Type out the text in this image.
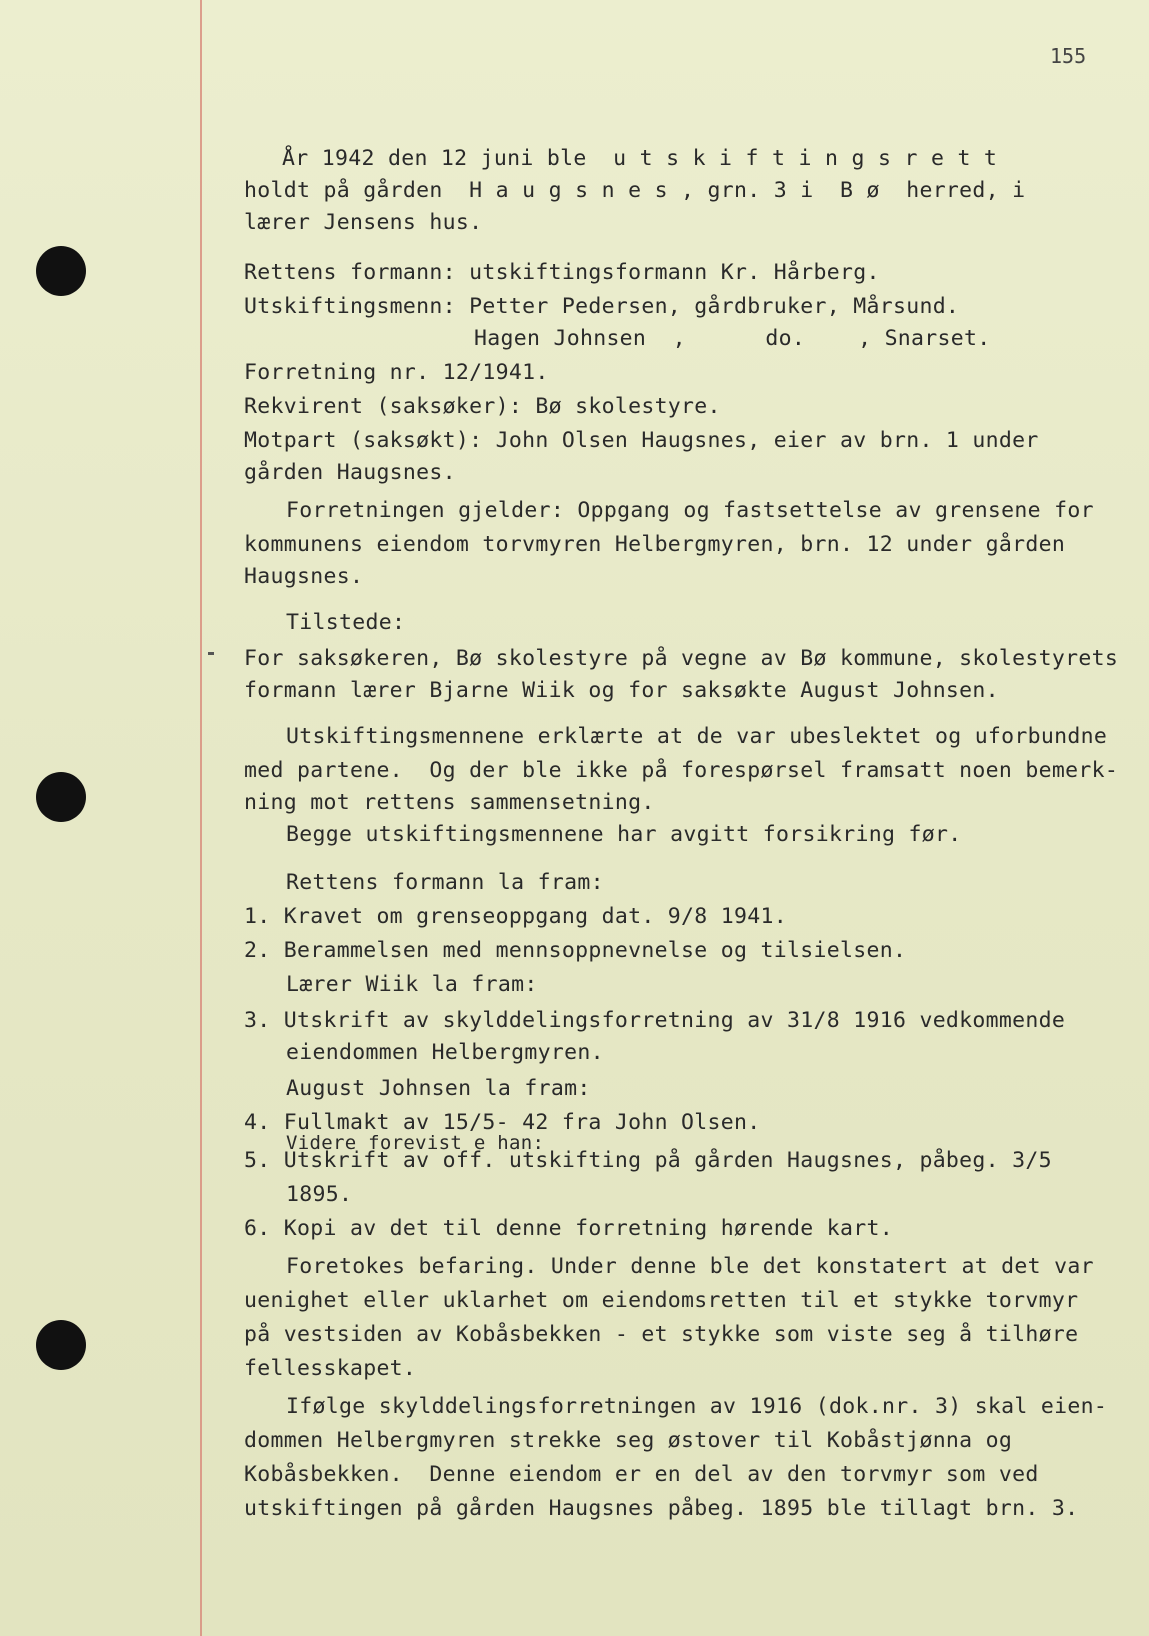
155
År 1942 den 12 juni ble  u t s k i f t i n g s r e t t
holdt på gården  H a u g s n e s , grn. 3 i  B ø  herred, i
lærer Jensens hus.
Rettens formann: utskiftingsformann Kr. Hårberg.
Utskiftingsmenn: Petter Pedersen, gårdbruker, Mårsund.
Hagen Johnsen  ,      do.    , Snarset.
Forretning nr. 12/1941.
Rekvirent (saksøker): Bø skolestyre.
Motpart (saksøkt): John Olsen Haugsnes, eier av brn. 1 under
gården Haugsnes.
Forretningen gjelder: Oppgang og fastsettelse av grensene for
kommunens eiendom torvmyren Helbergmyren, brn. 12 under gården
Haugsnes.
Tilstede:
For saksøkeren, Bø skolestyre på vegne av Bø kommune, skolestyrets
formann lærer Bjarne Wiik og for saksøkte August Johnsen.
Utskiftingsmennene erklærte at de var ubeslektet og uforbundne
med partene.  Og der ble ikke på forespørsel framsatt noen bemerk-
ning mot rettens sammensetning.
Begge utskiftingsmennene har avgitt forsikring før.
Rettens formann la fram:
1. Kravet om grenseoppgang dat. 9/8 1941.
2. Berammelsen med mennsoppnevnelse og tilsielsen.
Lærer Wiik la fram:
3. Utskrift av skylddelingsforretning av 31/8 1916 vedkommende
eiendommen Helbergmyren.
August Johnsen la fram:
4. Fullmakt av 15/5- 42 fra John Olsen.
Videre forevist e han:
5. Utskrift av off. utskifting på gården Haugsnes, påbeg. 3/5
1895.
6. Kopi av det til denne forretning hørende kart.
Foretokes befaring. Under denne ble det konstatert at det var
uenighet eller uklarhet om eiendomsretten til et stykke torvmyr
på vestsiden av Kobåsbekken - et stykke som viste seg å tilhøre
fellesskapet.
Ifølge skylddelingsforretningen av 1916 (dok.nr. 3) skal eien-
dommen Helbergmyren strekke seg østover til Kobåstjønna og
Kobåsbekken.  Denne eiendom er en del av den torvmyr som ved
utskiftingen på gården Haugsnes påbeg. 1895 ble tillagt brn. 3.
